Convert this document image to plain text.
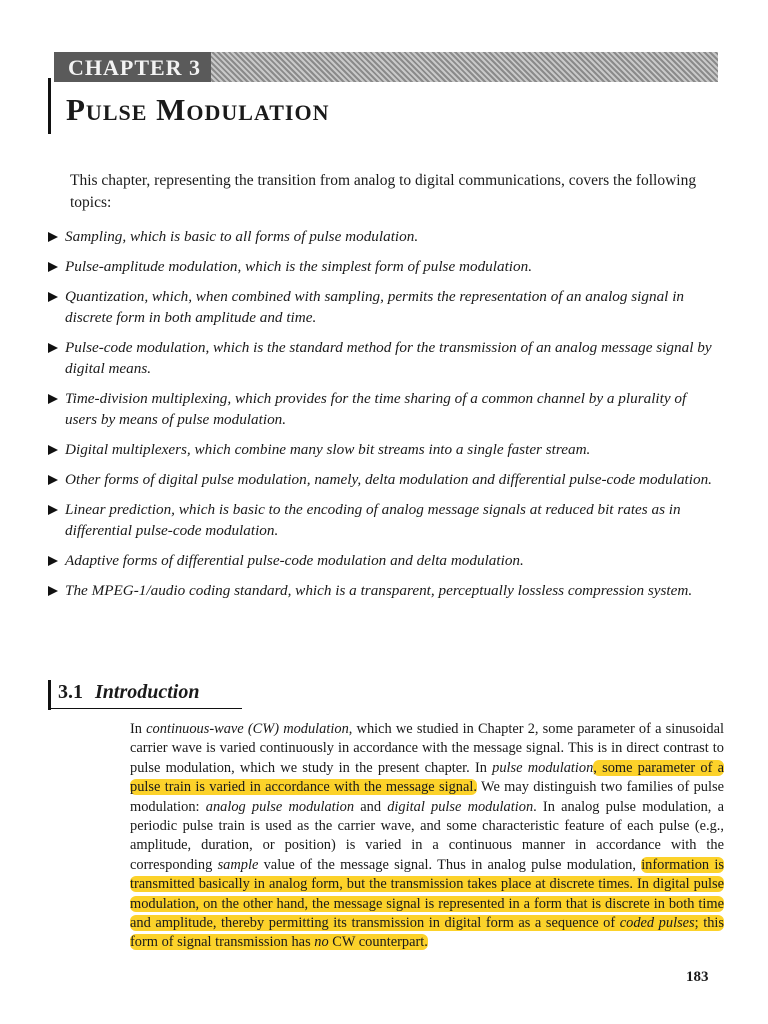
CHAPTER 3
Pulse Modulation

This chapter, representing the transition from analog to digital communications, covers the following topics:

Sampling, which is basic to all forms of pulse modulation.
Pulse-amplitude modulation, which is the simplest form of pulse modulation.
Quantization, which, when combined with sampling, permits the representation of an analog signal in discrete form in both amplitude and time.
Pulse-code modulation, which is the standard method for the transmission of an analog message signal by digital means.
Time-division multiplexing, which provides for the time sharing of a common channel by a plurality of users by means of pulse modulation.
Digital multiplexers, which combine many slow bit streams into a single faster stream.
Other forms of digital pulse modulation, namely, delta modulation and differential pulse-code modulation.
Linear prediction, which is basic to the encoding of analog message signals at reduced bit rates as in differential pulse-code modulation.
Adaptive forms of differential pulse-code modulation and delta modulation.
The MPEG-1/audio coding standard, which is a transparent, perceptually lossless compression system.
3.1 Introduction

In continuous-wave (CW) modulation, which we studied in Chapter 2, some parameter of a sinusoidal carrier wave is varied continuously in accordance with the message signal. This is in direct contrast to pulse modulation, which we study in the present chapter. In pulse modulation, some parameter of a pulse train is varied in accordance with the message signal. We may distinguish two families of pulse modulation: analog pulse modulation and digital pulse modulation. In analog pulse modulation, a periodic pulse train is used as the carrier wave, and some characteristic feature of each pulse (e.g., amplitude, duration, or position) is varied in a continuous manner in accordance with the corresponding sample value of the message signal. Thus in analog pulse modulation, information is transmitted basically in analog form, but the transmission takes place at discrete times. In digital pulse modulation, on the other hand, the message signal is represented in a form that is discrete in both time and amplitude, thereby permitting its transmission in digital form as a sequence of coded pulses; this form of signal transmission has no CW counterpart.

183
